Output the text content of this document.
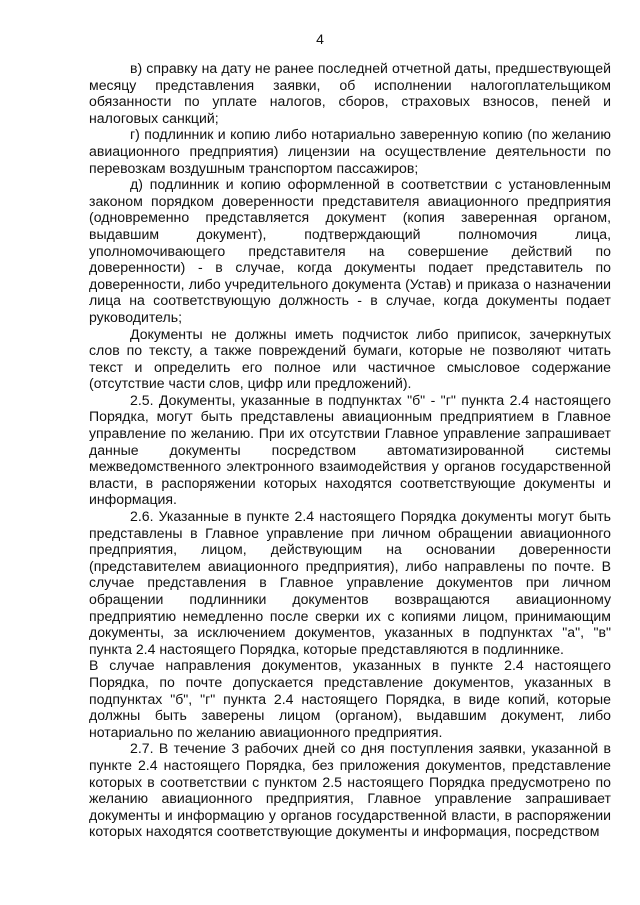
4

в) справку на дату не ранее последней отчетной даты, предшествующей месяцу представления заявки, об исполнении налогоплательщиком обязанности по уплате налогов, сборов, страховых взносов, пеней и налоговых санкций;

г) подлинник и копию либо нотариально заверенную копию (по желанию авиационного предприятия) лицензии на осуществление деятельности по перевозкам воздушным транспортом пассажиров;

д) подлинник и копию оформленной в соответствии с установленным законом порядком доверенности представителя авиационного предприятия (одновременно представляется документ (копия заверенная органом, выдавшим документ), подтверждающий полномочия лица, уполномочивающего представителя на совершение действий по доверенности) - в случае, когда документы подает представитель по доверенности, либо учредительного документа (Устав) и приказа о назначении лица на соответствующую должность - в случае, когда документы подает руководитель;

Документы не должны иметь подчисток либо приписок, зачеркнутых слов по тексту, а также повреждений бумаги, которые не позволяют читать текст и определить его полное или частичное смысловое содержание (отсутствие части слов, цифр или предложений).

2.5. Документы, указанные в подпунктах "б" - "г" пункта 2.4 настоящего Порядка, могут быть представлены авиационным предприятием в Главное управление по желанию. При их отсутствии Главное управление запрашивает данные документы посредством автоматизированной системы межведомственного электронного взаимодействия у органов государственной власти, в распоряжении которых находятся соответствующие документы и информация.

2.6. Указанные в пункте 2.4 настоящего Порядка документы могут быть представлены в Главное управление при личном обращении авиационного предприятия, лицом, действующим на основании доверенности (представителем авиационного предприятия), либо направлены по почте. В случае представления в Главное управление документов при личном обращении подлинники документов возвращаются авиационному предприятию немедленно после сверки их с копиями лицом, принимающим документы, за исключением документов, указанных в подпунктах "а", "в" пункта 2.4 настоящего Порядка, которые представляются в подлиннике.

В случае направления документов, указанных в пункте 2.4 настоящего Порядка, по почте допускается представление документов, указанных в подпунктах "б", "г" пункта 2.4 настоящего Порядка, в виде копий, которые должны быть заверены лицом (органом), выдавшим документ, либо нотариально по желанию авиационного предприятия.

2.7. В течение 3 рабочих дней со дня поступления заявки, указанной в пункте 2.4 настоящего Порядка, без приложения документов, представление которых в соответствии с пунктом 2.5 настоящего Порядка предусмотрено по желанию авиационного предприятия, Главное управление запрашивает документы и информацию у органов государственной власти, в распоряжении которых находятся соответствующие документы и информация, посредством
